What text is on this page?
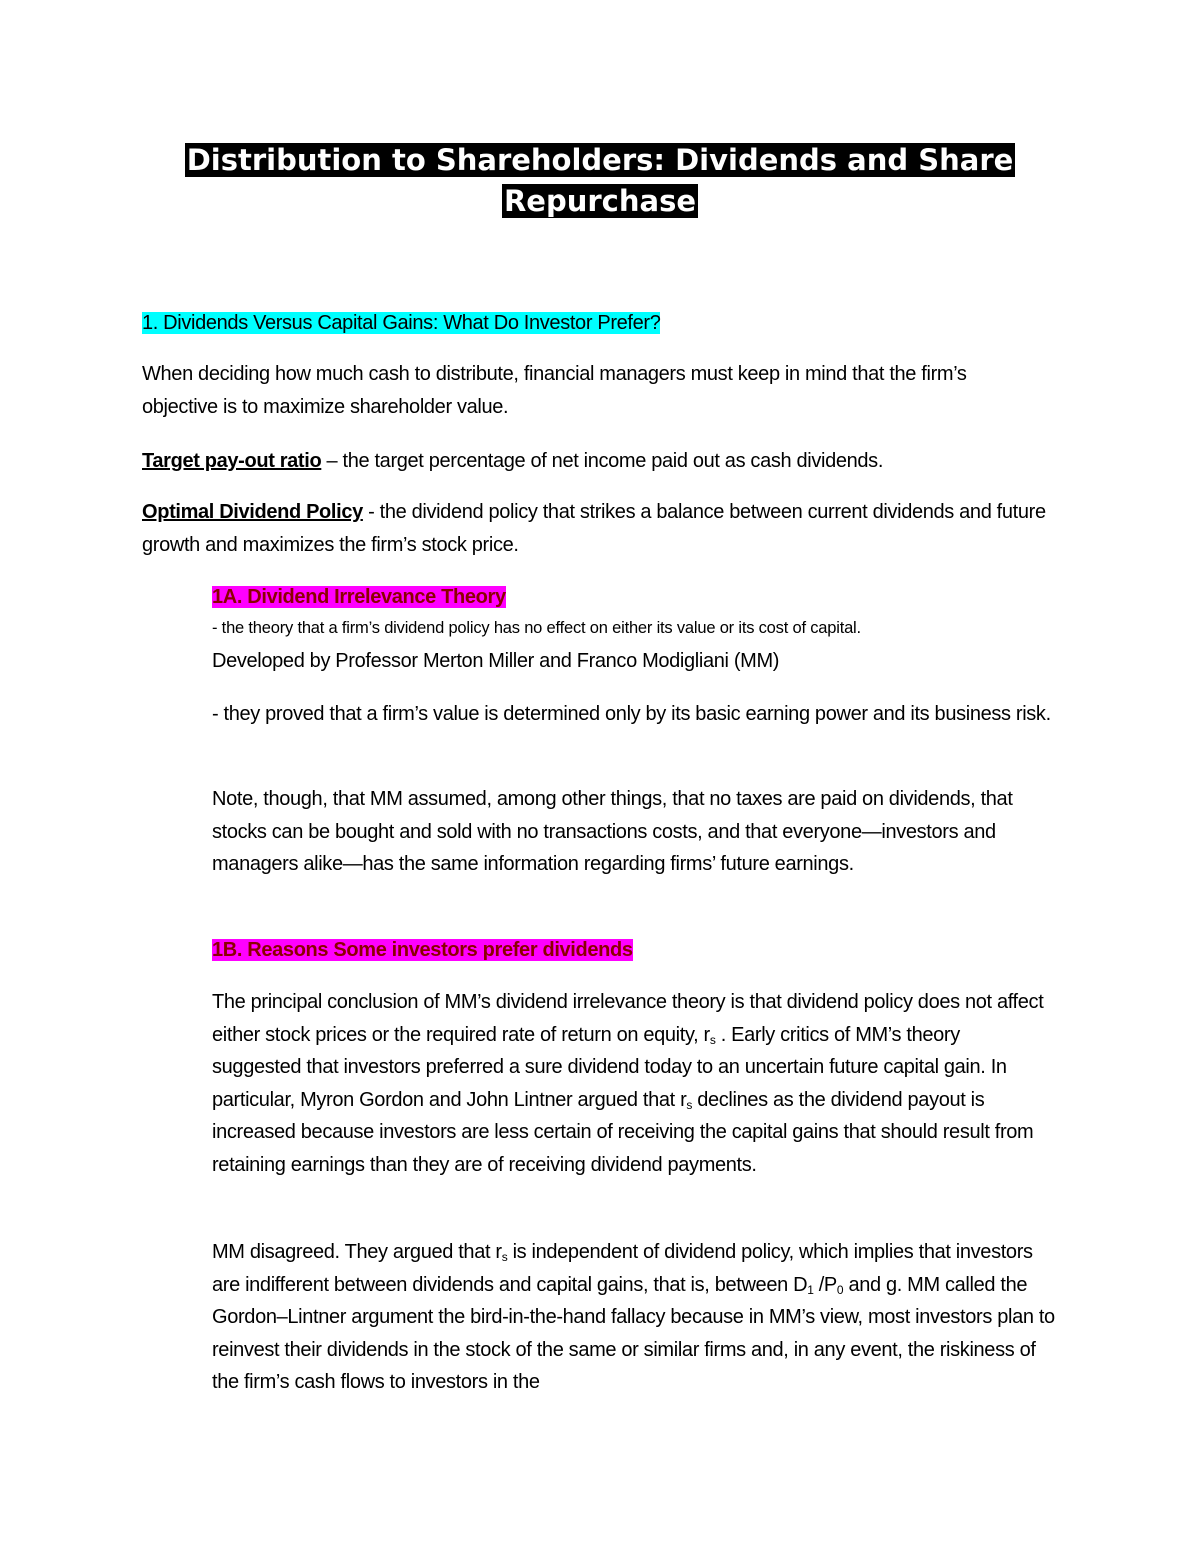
Distribution to Shareholders: Dividends and Share
Repurchase

1. Dividends Versus Capital Gains: What Do Investor Prefer?

When deciding how much cash to distribute, financial managers must keep in mind that the firm’s objective is to maximize shareholder value.

Target pay-out ratio – the target percentage of net income paid out as cash dividends.

Optimal Dividend Policy - the dividend policy that strikes a balance between current dividends and future growth and maximizes the firm’s stock price.

1A. Dividend Irrelevance Theory

- the theory that a firm’s dividend policy has no effect on either its value or its cost of capital.

Developed by Professor Merton Miller and Franco Modigliani (MM)

- they proved that a firm’s value is determined only by its basic earning power and its business risk.

Note, though, that MM assumed, among other things, that no taxes are paid on dividends, that stocks can be bought and sold with no transactions costs, and that everyone—investors and managers alike—has the same information regarding firms’ future earnings.

1B. Reasons Some investors prefer dividends

The principal conclusion of MM’s dividend irrelevance theory is that dividend policy does not affect either stock prices or the required rate of return on equity, $r_s$ . Early critics of MM’s theorysuggested that investors preferred a sure dividend today to an uncertain future capital gain. In particular, Myron Gordon and John Lintner argued that $r_s$ declines as the dividend payout is increased because investors are less certain of receiving the capital gains that should result from retaining earnings than they are of receiving dividend payments.

MM disagreed. They argued that $r_s$ is independent of dividend policy, which implies that investors are indifferent between dividends and capital gains, that is, between $D_1$ $/P_0$ and g. MM called the Gordon–Lintner argument the bird-in-the-hand fallacy because in MM’s view, most investors plan to reinvest their dividends in the stock of the same or similar firms and, in any event, the riskiness of the firm’s cash flows to investors in the
